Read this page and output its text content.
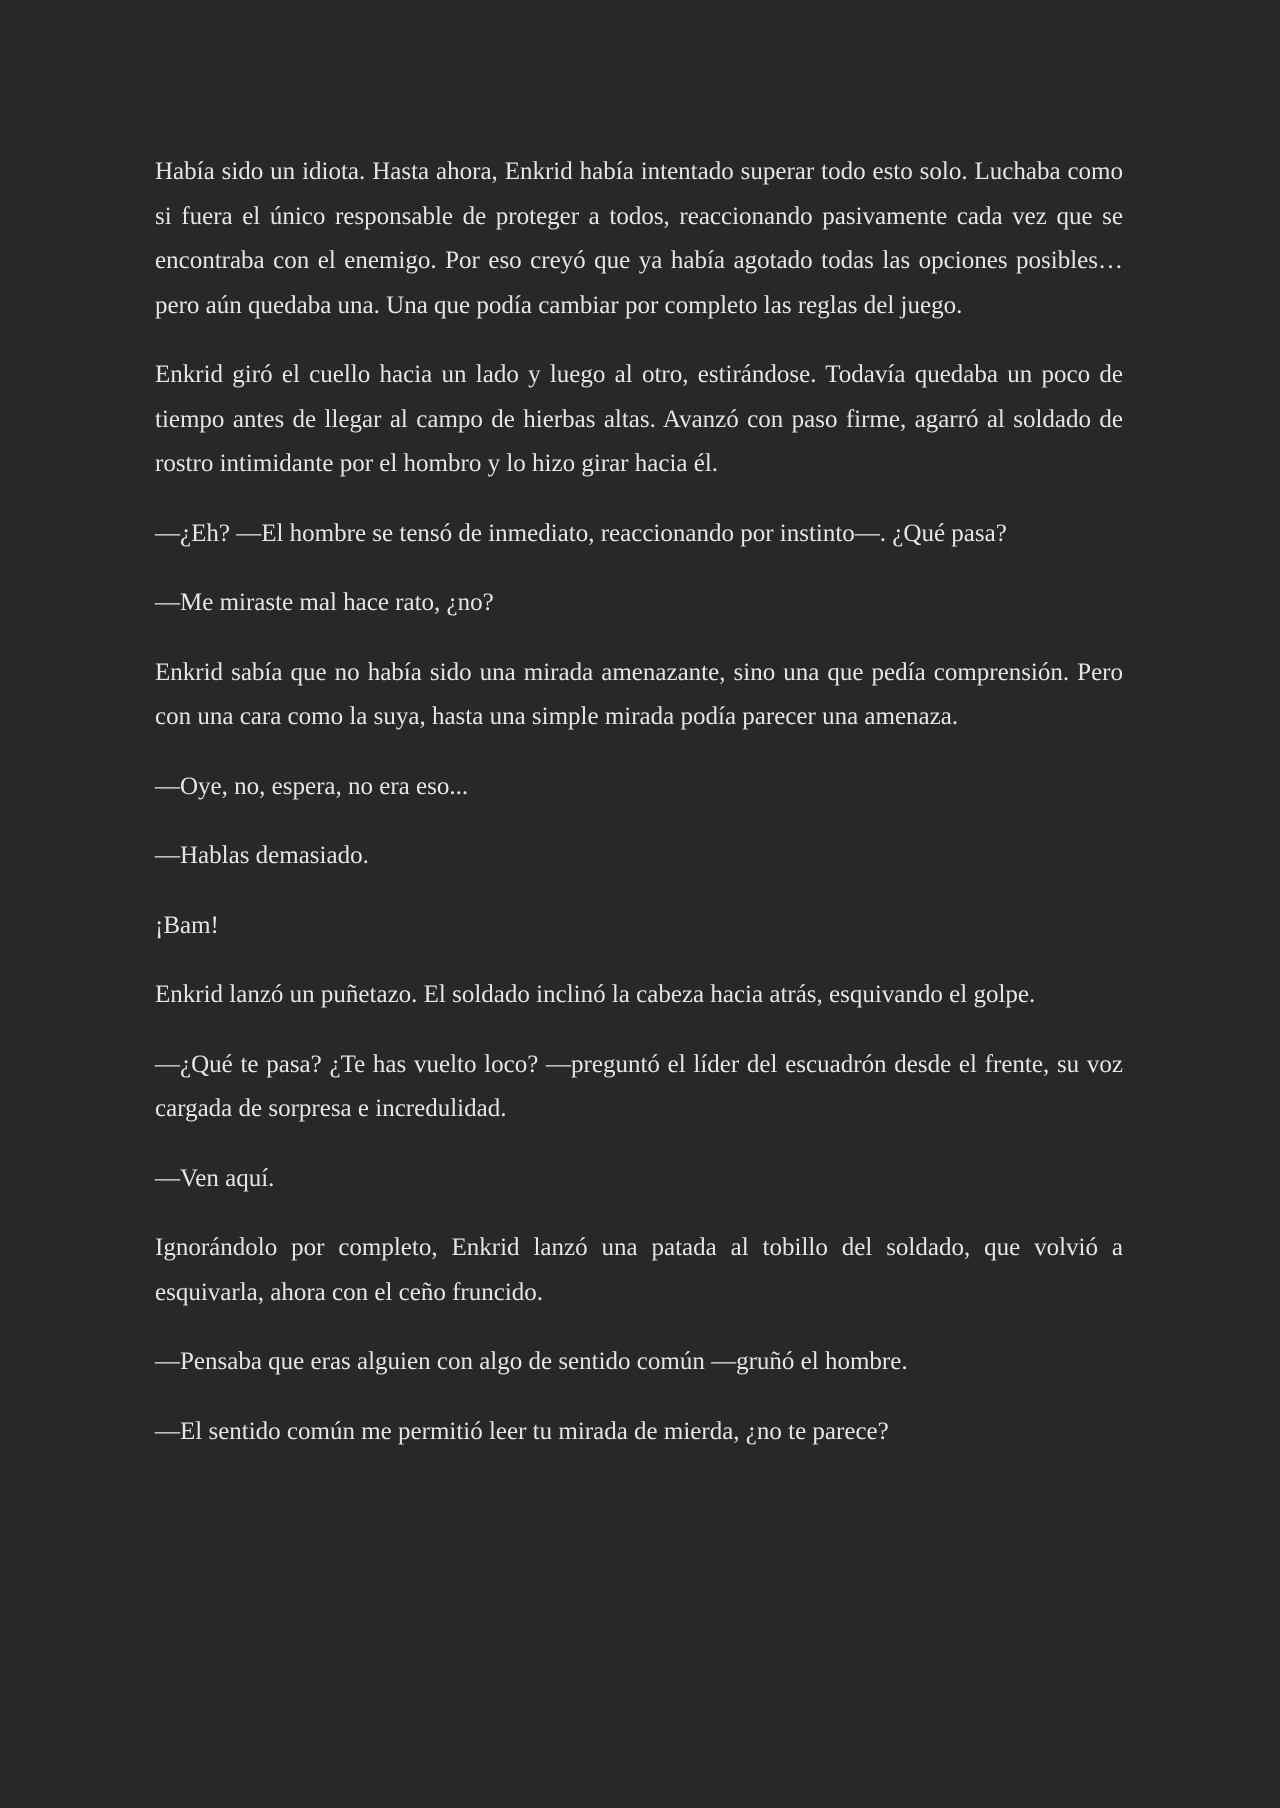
Había sido un idiota. Hasta ahora, Enkrid había intentado superar todo esto solo. Luchaba como si fuera el único responsable de proteger a todos, reaccionando pasivamente cada vez que se encontraba con el enemigo. Por eso creyó que ya había agotado todas las opciones posibles… pero aún quedaba una. Una que podía cambiar por completo las reglas del juego.

Enkrid giró el cuello hacia un lado y luego al otro, estirándose. Todavía quedaba un poco de tiempo antes de llegar al campo de hierbas altas. Avanzó con paso firme, agarró al soldado de rostro intimidante por el hombro y lo hizo girar hacia él.

—¿Eh? —El hombre se tensó de inmediato, reaccionando por instinto—. ¿Qué pasa?

—Me miraste mal hace rato, ¿no?

Enkrid sabía que no había sido una mirada amenazante, sino una que pedía comprensión. Pero con una cara como la suya, hasta una simple mirada podía parecer una amenaza.

—Oye, no, espera, no era eso...

—Hablas demasiado.

¡Bam!

Enkrid lanzó un puñetazo. El soldado inclinó la cabeza hacia atrás, esquivando el golpe.

—¿Qué te pasa? ¿Te has vuelto loco? —preguntó el líder del escuadrón desde el frente, su voz cargada de sorpresa e incredulidad.

—Ven aquí.

Ignorándolo por completo, Enkrid lanzó una patada al tobillo del soldado, que volvió a esquivarla, ahora con el ceño fruncido.

—Pensaba que eras alguien con algo de sentido común —gruñó el hombre.

—El sentido común me permitió leer tu mirada de mierda, ¿no te parece?
